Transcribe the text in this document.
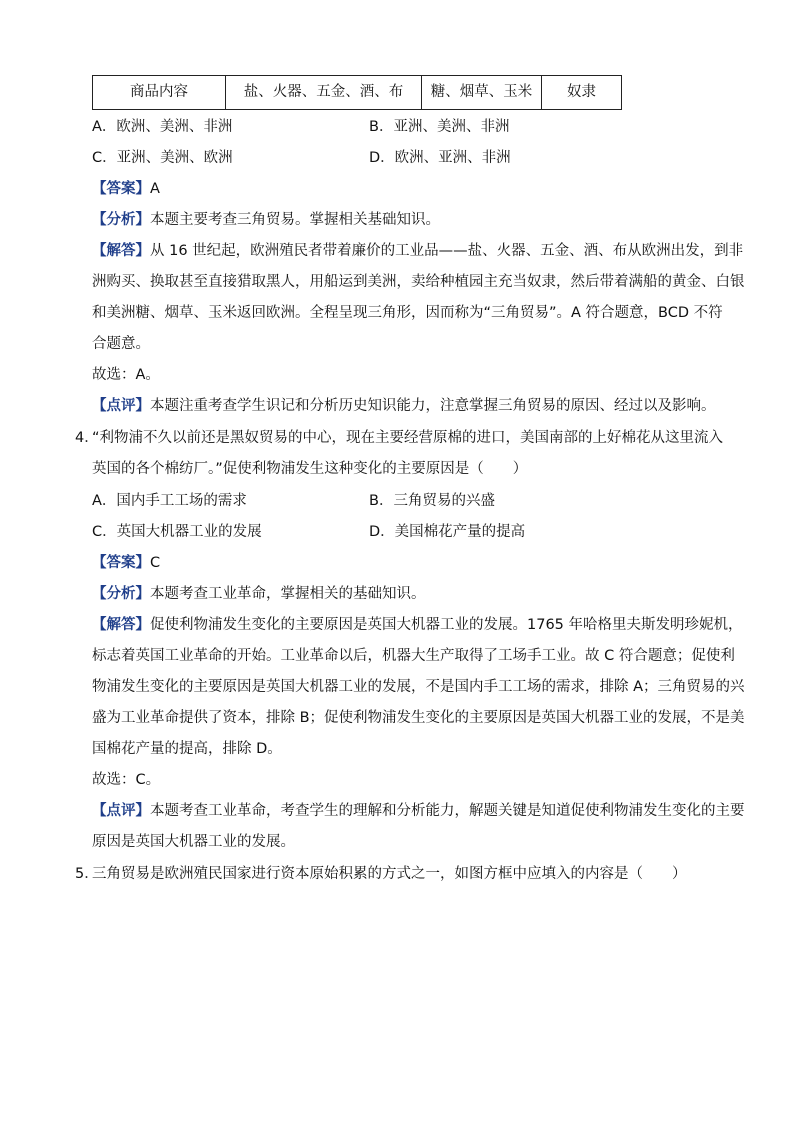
商品内容	盐、火器、五金、酒、布	糖、烟草、玉米	奴隶
A．欧洲、美洲、非洲	B．亚洲、美洲、非洲
C．亚洲、美洲、欧洲	D．欧洲、亚洲、非洲
【答案】A
【分析】本题主要考查三角贸易。掌握相关基础知识。
【解答】从 16 世纪起，欧洲殖民者带着廉价的工业品——盐、火器、五金、酒、布从欧洲出发，到非
洲购买、换取甚至直接猎取黑人，用船运到美洲，卖给种植园主充当奴隶，然后带着满船的黄金、白银
和美洲糖、烟草、玉米返回欧洲。全程呈现三角形，因而称为“三角贸易”。A 符合题意，BCD 不符
合题意。
故选：A。
【点评】本题注重考查学生识记和分析历史知识能力，注意掌握三角贸易的原因、经过以及影响。
4．
“利物浦不久以前还是黑奴贸易的中心，现在主要经营原棉的进口，美国南部的上好棉花从这里流入
英国的各个棉纺厂。”促使利物浦发生这种变化的主要原因是（　　）
A．国内手工工场的需求	B．三角贸易的兴盛
C．英国大机器工业的发展	D．美国棉花产量的提高
【答案】C
【分析】本题考查工业革命，掌握相关的基础知识。
【解答】促使利物浦发生变化的主要原因是英国大机器工业的发展。1765 年哈格里夫斯发明珍妮机，
标志着英国工业革命的开始。工业革命以后，机器大生产取得了工场手工业。故 C 符合题意；促使利
物浦发生变化的主要原因是英国大机器工业的发展，不是国内手工工场的需求，排除 A；三角贸易的兴
盛为工业革命提供了资本，排除 B；促使利物浦发生变化的主要原因是英国大机器工业的发展，不是美
国棉花产量的提高，排除 D。
故选：C。
【点评】本题考查工业革命，考查学生的理解和分析能力，解题关键是知道促使利物浦发生变化的主要
原因是英国大机器工业的发展。
5．
三角贸易是欧洲殖民国家进行资本原始积累的方式之一，如图方框中应填入的内容是（　　）
